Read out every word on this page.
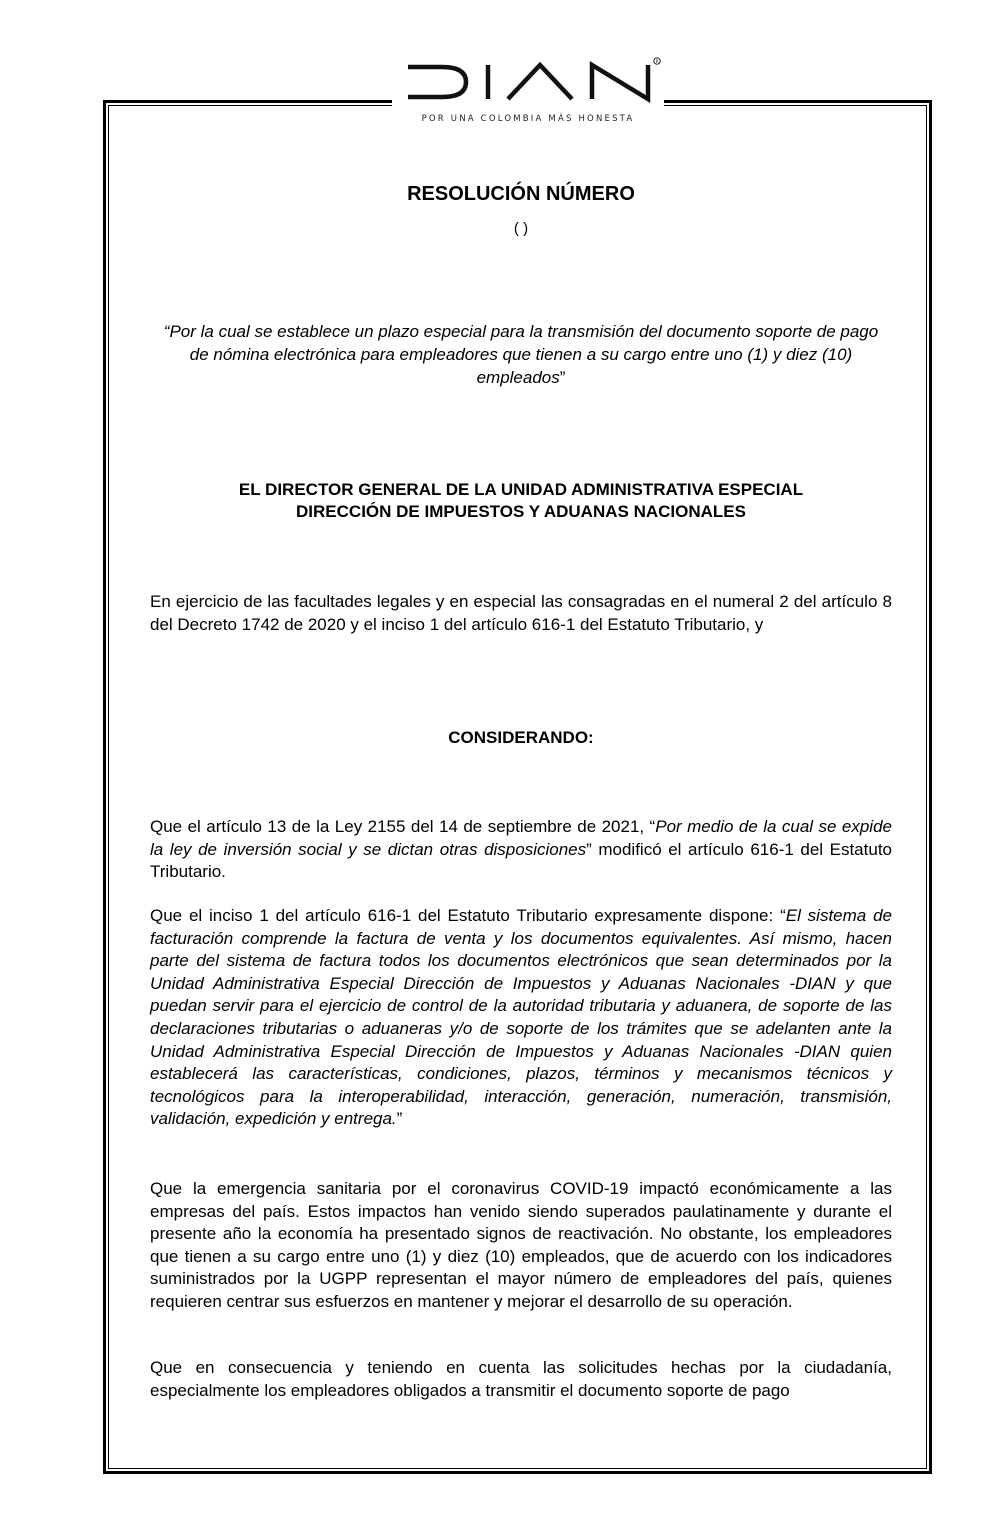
R
POR UNA COLOMBIA MÁS HONESTA
RESOLUCIÓN NÚMERO
( )
“Por la cual se establece un plazo especial para la transmisión del documento soporte de pago de nómina electrónica para empleadores que tienen a su cargo entre uno (1) y diez (10) empleados”
EL DIRECTOR GENERAL DE LA UNIDAD ADMINISTRATIVA ESPECIAL
DIRECCIÓN DE IMPUESTOS Y ADUANAS NACIONALES
En ejercicio de las facultades legales y en especial las consagradas en el numeral 2 del artículo 8 del Decreto 1742 de 2020 y el inciso 1 del artículo 616-1 del Estatuto Tributario, y
CONSIDERANDO:
Que el artículo 13 de la Ley 2155 del 14 de septiembre de 2021, “Por medio de la cual se expide la ley de inversión social y se dictan otras disposiciones” modificó el artículo 616-1 del Estatuto Tributario.
Que el inciso 1 del artículo 616-1 del Estatuto Tributario expresamente dispone: “El sistema de facturación comprende la factura de venta y los documentos equivalentes. Así mismo, hacen parte del sistema de factura todos los documentos electrónicos que sean determinados por la Unidad Administrativa Especial Dirección de Impuestos y Aduanas Nacionales -DIAN y que puedan servir para el ejercicio de control de la autoridad tributaria y aduanera, de soporte de las declaraciones tributarias o aduaneras y/o de soporte de los trámites que se adelanten ante la Unidad Administrativa Especial Dirección de Impuestos y Aduanas Nacionales -DIAN quien establecerá las características, condiciones, plazos, términos y mecanismos técnicos y tecnológicos para la interoperabilidad, interacción, generación, numeración, transmisión, validación, expedición y entrega.”
Que la emergencia sanitaria por el coronavirus COVID-19 impactó económicamente a las empresas del país. Estos impactos han venido siendo superados paulatinamente y durante el presente año la economía ha presentado signos de reactivación. No obstante, los empleadores que tienen a su cargo entre uno (1) y diez (10) empleados, que de acuerdo con los indicadores suministrados por la UGPP representan el mayor número de empleadores del país, quienes requieren centrar sus esfuerzos en mantener y mejorar el desarrollo de su operación.
Que en consecuencia y teniendo en cuenta las solicitudes hechas por la ciudadanía, especialmente los empleadores obligados a transmitir el documento soporte de pago
